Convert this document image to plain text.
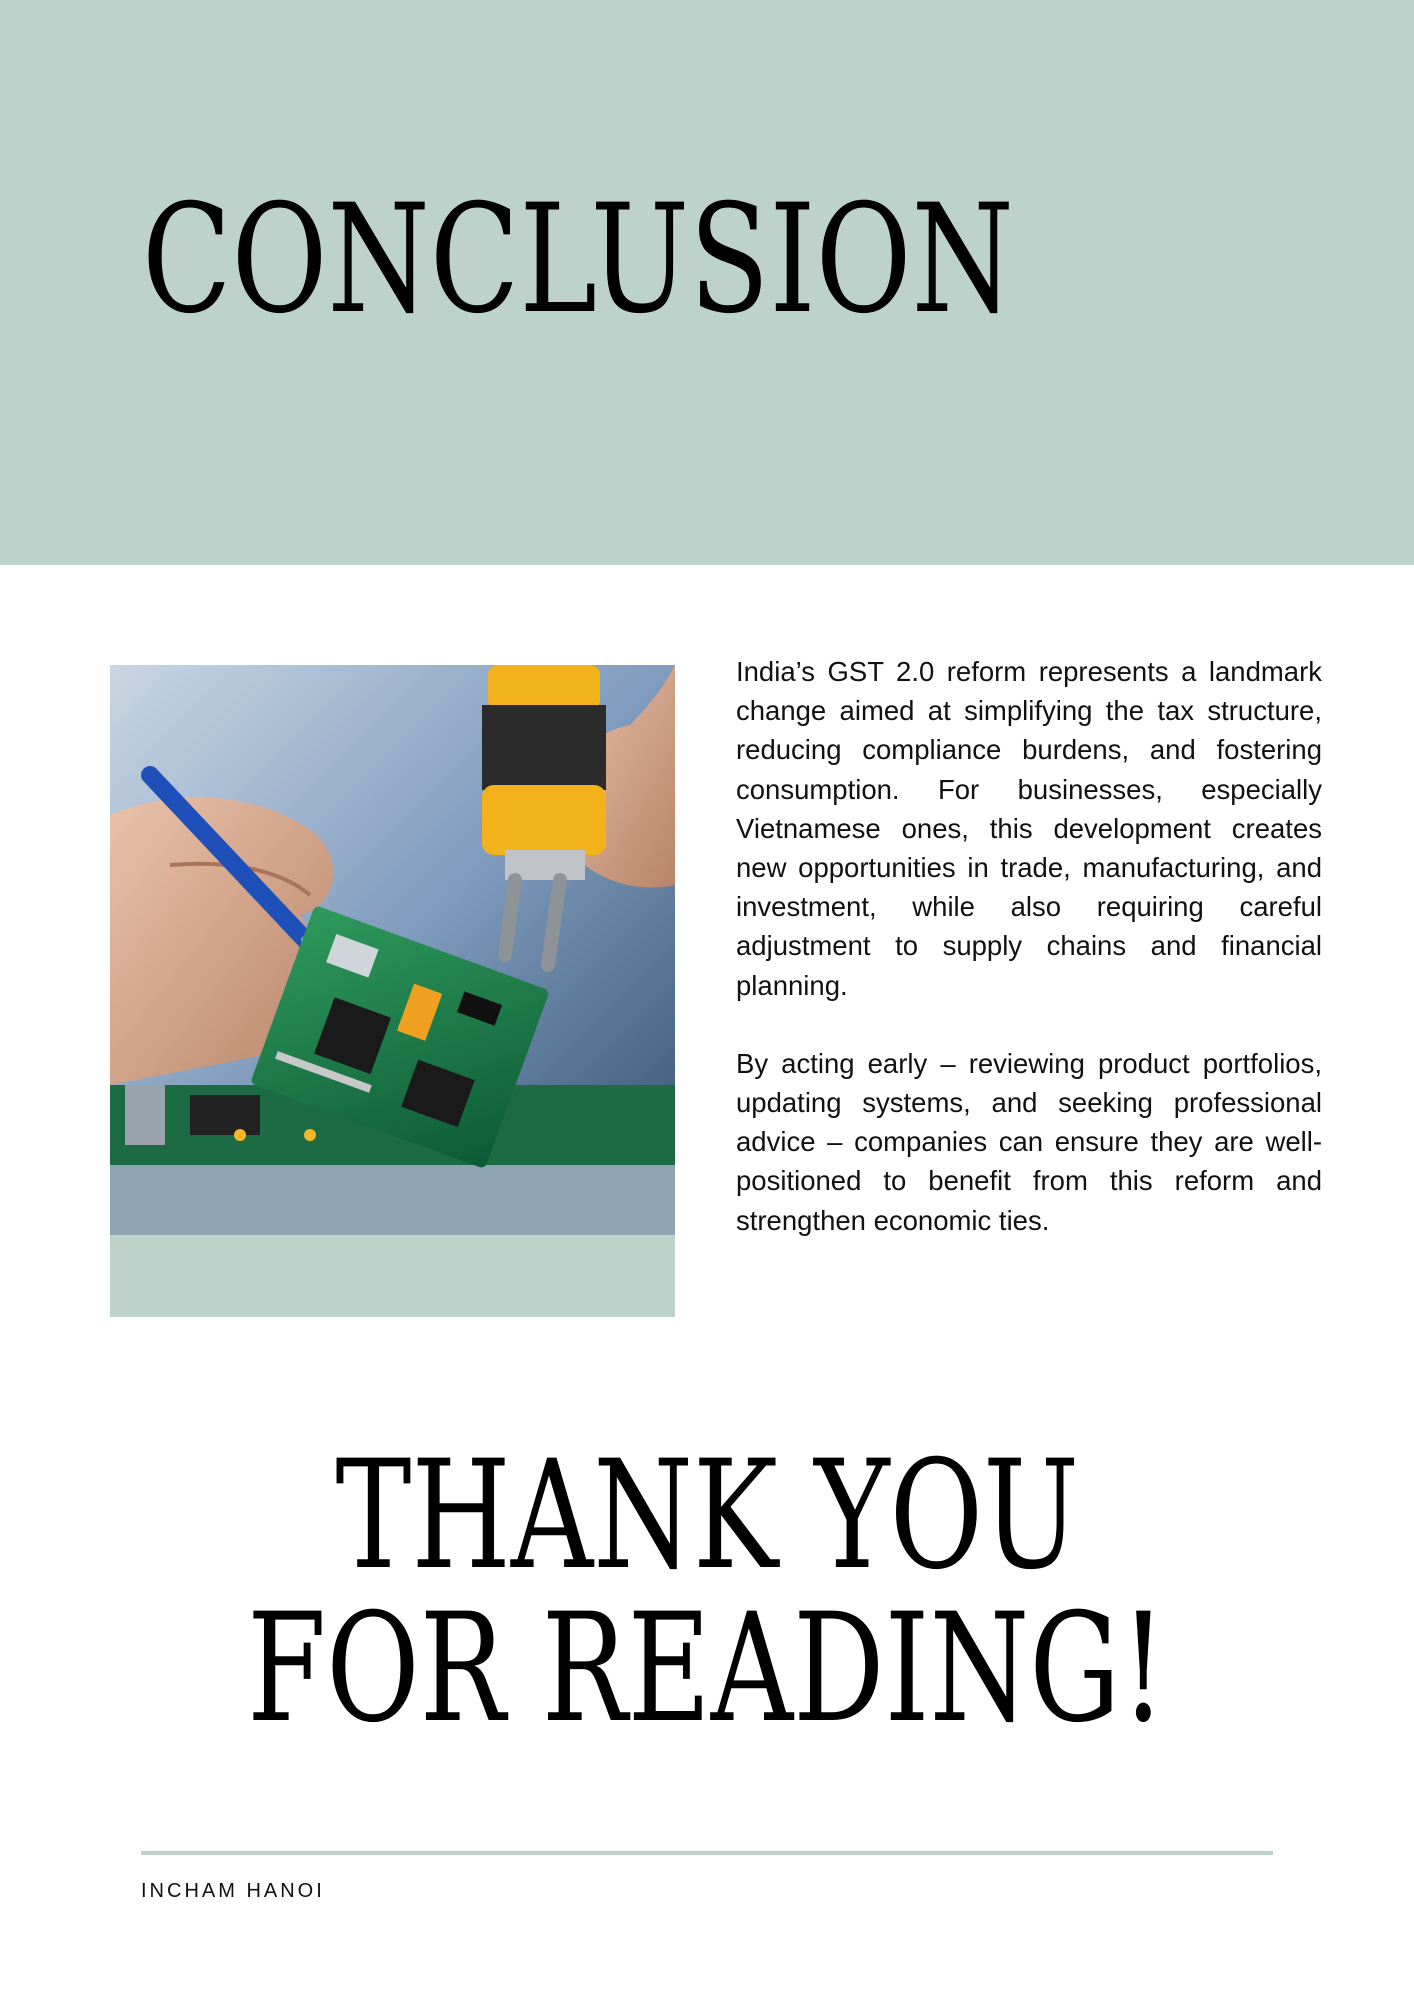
CONCLUSION

India’s GST 2.0 reform represents a landmark change aimed at simplifying the tax structure, reducing compliance burdens, and fostering consumption. For businesses, especially Vietnamese ones, this development creates new opportunities in trade, manufacturing, and investment, while also requiring careful adjustment to supply chains and financial planning.

By acting early – reviewing product portfolios, updating systems, and seeking professional advice – companies can ensure they are well-positioned to benefit from this reform and strengthen economic ties.

THANK YOU
FOR READING!
INCHAM HANOI
